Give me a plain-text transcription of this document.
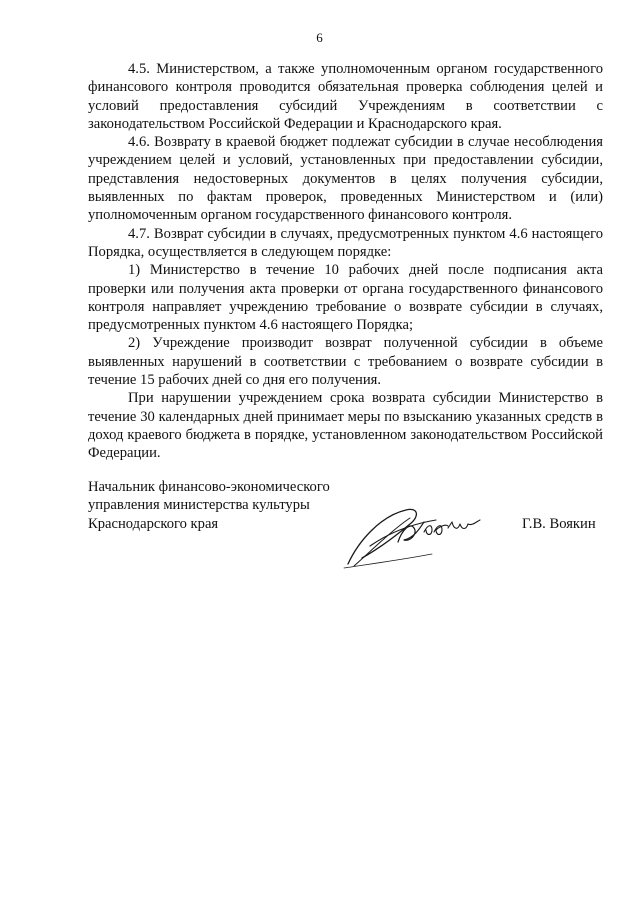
6

4.5. Министерством, а также уполномоченным органом государственного финансового контроля проводится обязательная проверка соблюдения целей и условий предоставления субсидий Учреждениям в соответствии с законодательством Российской Федерации и Краснодарского края.

4.6. Возврату в краевой бюджет подлежат субсидии в случае несоблюдения учреждением целей и условий, установленных при предоставлении субсидии, представления недостоверных документов в целях получения субсидии, выявленных по фактам проверок, проведенных Министерством и (или) уполномоченным органом государственного финансового контроля.

4.7. Возврат субсидии в случаях, предусмотренных пунктом 4.6 настоящего Порядка, осуществляется в следующем порядке:

1) Министерство в течение 10 рабочих дней после подписания акта проверки или получения акта проверки от органа государственного финансового контроля направляет учреждению требование о возврате субсидии в случаях, предусмотренных пунктом 4.6 настоящего Порядка;

2) Учреждение производит возврат полученной субсидии в объеме выявленных нарушений в соответствии с требованием о возврате субсидии в течение 15 рабочих дней со дня его получения.

При нарушении учреждением срока возврата субсидии Министерство в течение 30 календарных дней принимает меры по взысканию указанных средств в доход краевого бюджета в порядке, установленном законодательством Российской Федерации.

Начальник финансово-экономического
управления министерства культуры
Краснодарского края	Г.В. Воякин
